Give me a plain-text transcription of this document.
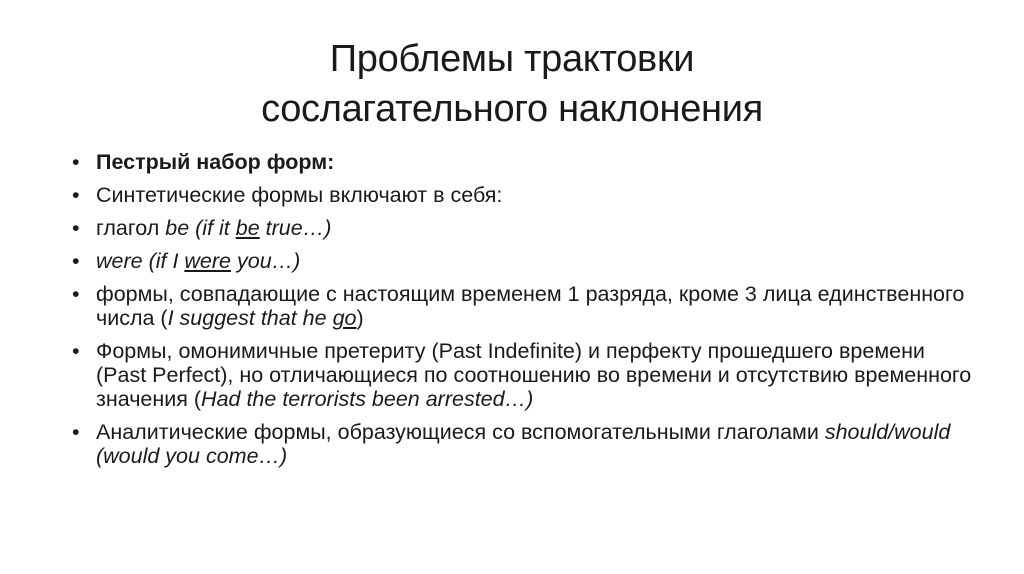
Проблемы трактовки
сослагательного наклонения
• Пестрый набор форм:
• Синтетические формы включают в себя:
• глагол be (if it be true…)
• were (if I were you…)
• формы, совпадающие с настоящим временем 1 разряда, кроме 3 лица единственного числа (I suggest that he go)
• Формы, омонимичные претериту (Past Indefinite) и перфекту прошедшего времени (Past Perfect), но отличающиеся по соотношению во времени и отсутствию временного значения (Had the terrorists been arrested…)
• Аналитические формы, образующиеся со вспомогательными глаголами should/would (would you come…)
